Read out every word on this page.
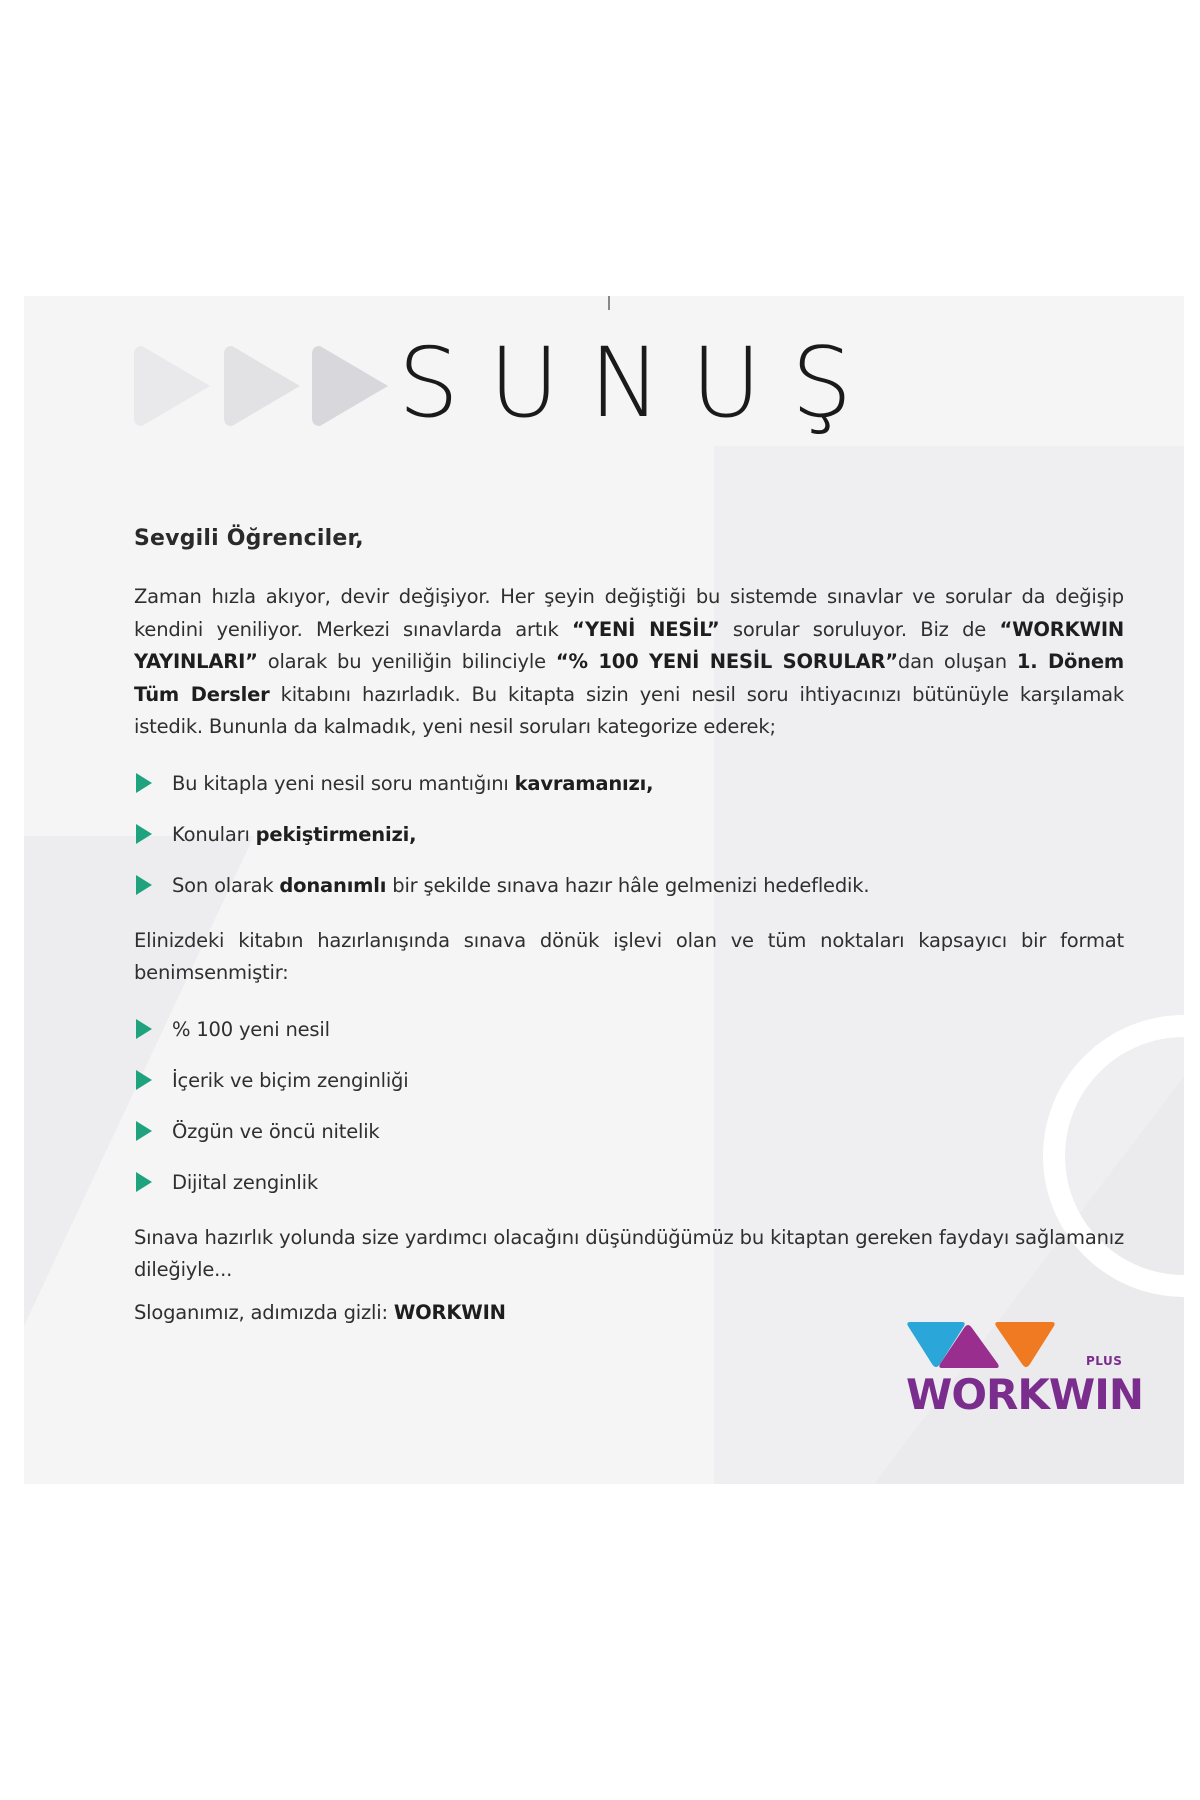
SUNUŞ
Sevgili Öğrenciler,

Zaman hızla akıyor, devir değişiyor. Her şeyin değiştiği bu sistemde sınavlar ve sorular da değişip kendini yeniliyor. Merkezi sınavlarda artık “YENİ NESİL” sorular soruluyor. Biz de “WORKWIN YAYINLARI” olarak bu yeniliğin bilinciyle “% 100 YENİ NESİL SORULAR”dan oluşan 1. Dönem Tüm Dersler kitabını hazırladık. Bu kitapta sizin yeni nesil soru ihtiyacınızı bütünüyle karşılamak istedik. Bununla da kalmadık, yeni nesil soruları kategorize ederek;

Bu kitapla yeni nesil soru mantığını kavramanızı,
Konuları pekiştirmenizi,
Son olarak donanımlı bir şekilde sınava hazır hâle gelmenizi hedefledik.

Elinizdeki kitabın hazırlanışında sınava dönük işlevi olan ve tüm noktaları kapsayıcı bir format benimsenmiştir:

% 100 yeni nesil
İçerik ve biçim zenginliği
Özgün ve öncü nitelik
Dijital zenginlik

Sınava hazırlık yolunda size yardımcı olacağını düşündüğümüz bu kitaptan gereken faydayı sağlamanız dileğiyle...

Sloganımız, adımızda gizli: WORKWIN
PLUS
WORKWIN
